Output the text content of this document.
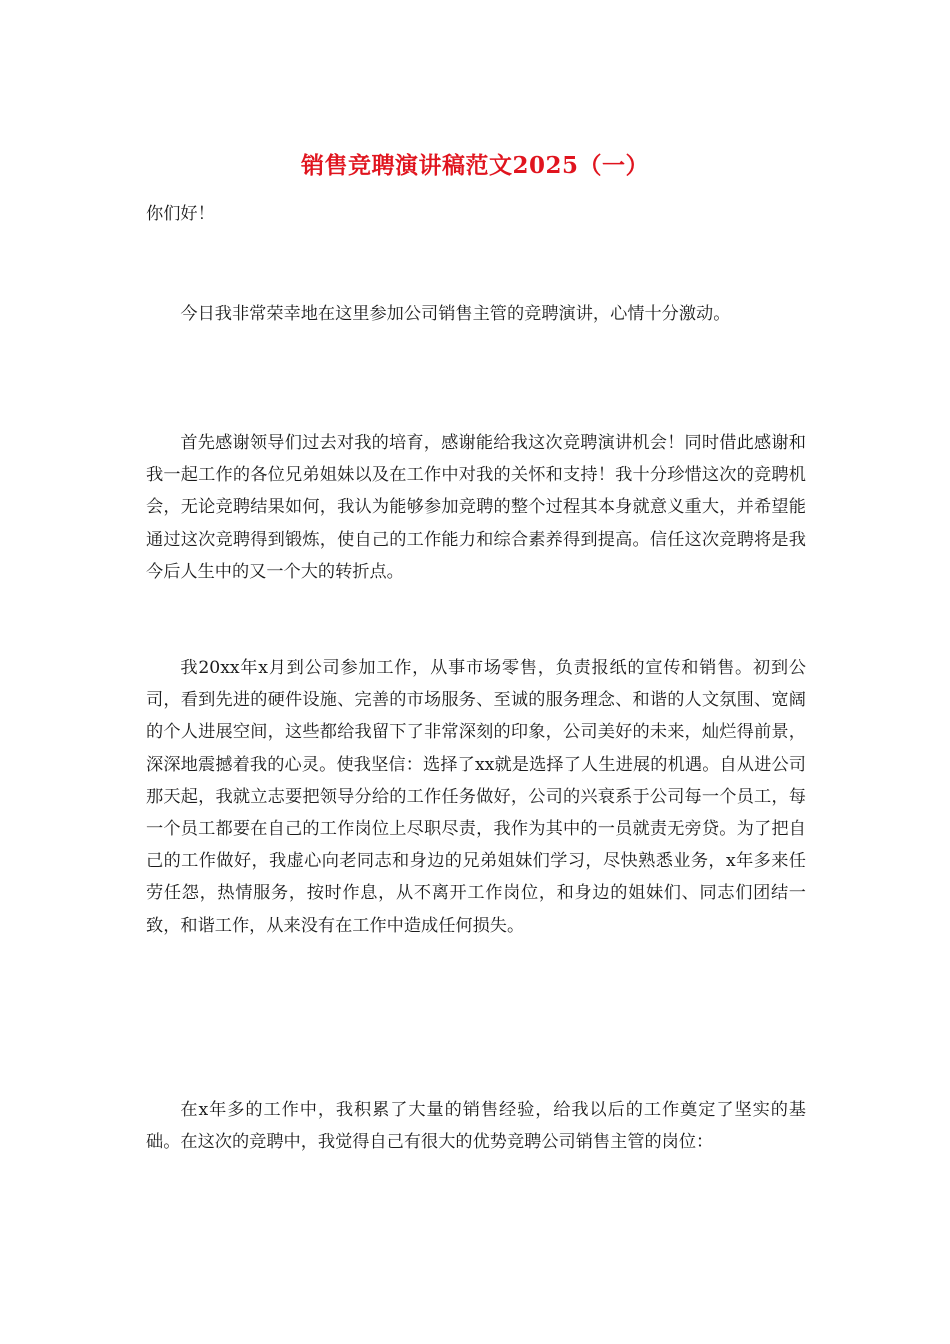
销售竞聘演讲稿范文2025（一）

你们好！

今日我非常荣幸地在这里参加公司销售主管的竞聘演讲，心情十分激动。

首先感谢领导们过去对我的培育，感谢能给我这次竞聘演讲机会！同时借此感谢和我一起工作的各位兄弟姐妹以及在工作中对我的关怀和支持！我十分珍惜这次的竞聘机会，无论竞聘结果如何，我认为能够参加竞聘的整个过程其本身就意义重大，并希望能通过这次竞聘得到锻炼，使自己的工作能力和综合素养得到提高。信任这次竞聘将是我今后人生中的又一个大的转折点。

我20xx年x月到公司参加工作，从事市场零售，负责报纸的宣传和销售。初到公司，看到先进的硬件设施、完善的市场服务、至诚的服务理念、和谐的人文氛围、宽阔的个人进展空间，这些都给我留下了非常深刻的印象，公司美好的未来，灿烂得前景，深深地震撼着我的心灵。使我坚信：选择了xx就是选择了人生进展的机遇。自从进公司那天起，我就立志要把领导分给的工作任务做好，公司的兴衰系于公司每一个员工，每一个员工都要在自己的工作岗位上尽职尽责，我作为其中的一员就责无旁贷。为了把自己的工作做好，我虚心向老同志和身边的兄弟姐妹们学习，尽快熟悉业务，x年多来任劳任怨，热情服务，按时作息，从不离开工作岗位，和身边的姐妹们、同志们团结一致，和谐工作，从来没有在工作中造成任何损失。

在x年多的工作中，我积累了大量的销售经验，给我以后的工作奠定了坚实的基础。在这次的竞聘中，我觉得自己有很大的优势竞聘公司销售主管的岗位：
